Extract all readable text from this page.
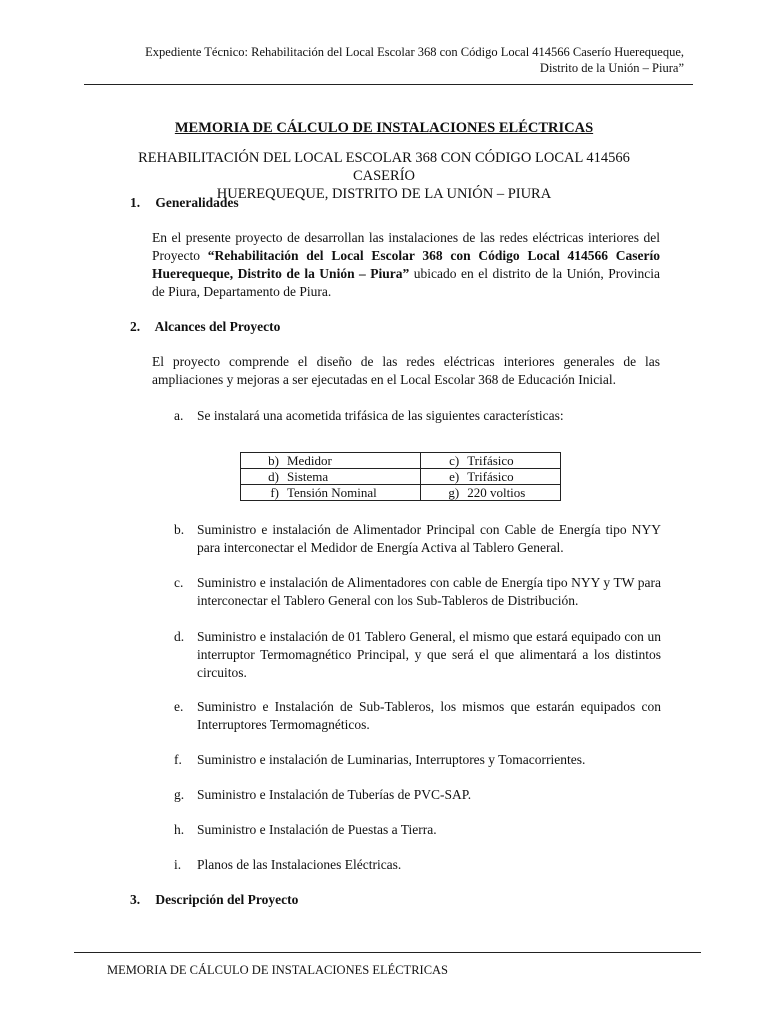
Expediente Técnico: Rehabilitación del Local Escolar 368 con Código Local 414566 Caserío Huerequeque,
Distrito de la Unión – Piura”
MEMORIA DE CÁLCULO DE INSTALACIONES ELÉCTRICAS
REHABILITACIÓN DEL LOCAL ESCOLAR 368 CON CÓDIGO LOCAL 414566 CASERÍO
HUEREQUEQUE, DISTRITO DE LA UNIÓN – PIURA
1. Generalidades
En el presente proyecto de desarrollan las instalaciones de las redes eléctricas interiores del Proyecto “Rehabilitación del Local Escolar 368 con Código Local 414566 Caserío Huerequeque, Distrito de la Unión – Piura” ubicado en el distrito de la Unión, Provincia de Piura, Departamento de Piura.
2. Alcances del Proyecto
El proyecto comprende el diseño de las redes eléctricas interiores generales de las ampliaciones y mejoras a ser ejecutadas en el Local Escolar 368 de Educación Inicial.
a.	Se instalará una acometida trifásica de las siguientes características:
b) Medidor	c) Trifásico
d) Sistema	e) Trifásico
f) Tensión Nominal	g) 220 voltios
b. Suministro e instalación de Alimentador Principal con Cable de Energía tipo NYY para interconectar el Medidor de Energía Activa al Tablero General.
c.	Suministro e instalación de Alimentadores con cable de Energía tipo NYY y TW para interconectar el Tablero General con los Sub-Tableros de Distribución.
d. Suministro e instalación de 01 Tablero General, el mismo que estará equipado con un interruptor Termomagnético Principal, y que será el que alimentará a los distintos circuitos.
e.	Suministro e Instalación de Sub-Tableros, los mismos que estarán equipados con Interruptores Termomagnéticos.
f.	Suministro e instalación de Luminarias, Interruptores y Tomacorrientes.
g. Suministro e Instalación de Tuberías de PVC-SAP.
h. Suministro e Instalación de Puestas a Tierra.
i.	Planos de las Instalaciones Eléctricas.
3. Descripción del Proyecto
MEMORIA DE CÁLCULO DE INSTALACIONES ELÉCTRICAS
